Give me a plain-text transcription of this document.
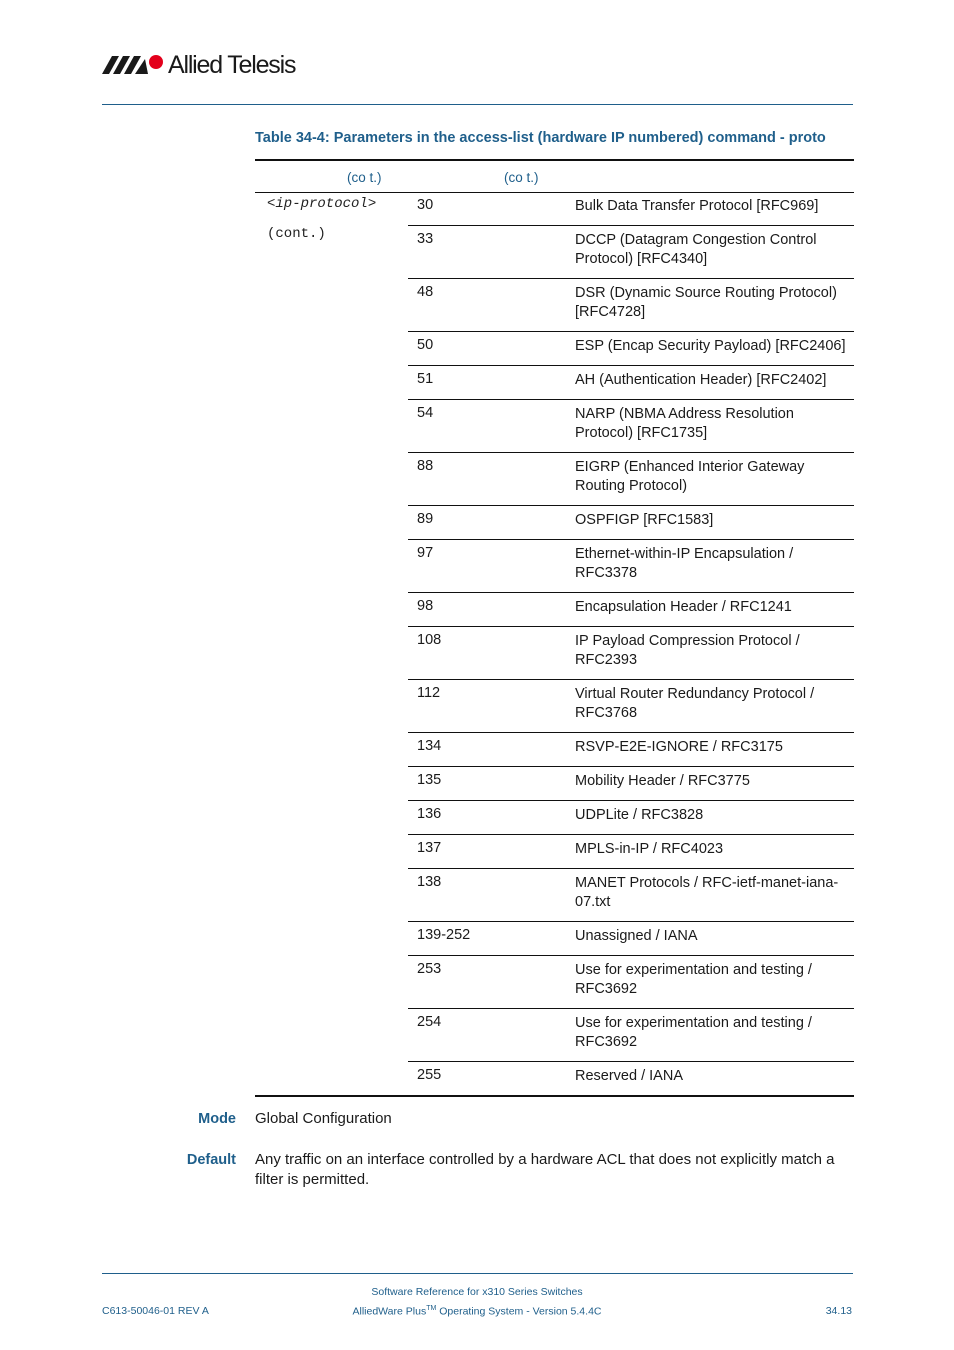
Allied Telesis
Table 34-4: Parameters in the access-list (hardware IP numbered) command - proto
(co t.)	(co t.)
<ip-protocol>
(cont.)
30	Bulk Data Transfer Protocol [RFC969]
33	DCCP (Datagram Congestion Control Protocol) [RFC4340]
48	DSR (Dynamic Source Routing Protocol) [RFC4728]
50	ESP (Encap Security Payload) [RFC2406]
51	AH (Authentication Header) [RFC2402]
54	NARP (NBMA Address Resolution Protocol) [RFC1735]
88	EIGRP (Enhanced Interior Gateway Routing Protocol)
89	OSPFIGP [RFC1583]
97	Ethernet-within-IP Encapsulation / RFC3378
98	Encapsulation Header / RFC1241
108	IP Payload Compression Protocol / RFC2393
112	Virtual Router Redundancy Protocol / RFC3768
134	RSVP-E2E-IGNORE / RFC3175
135	Mobility Header / RFC3775
136	UDPLite / RFC3828
137	MPLS-in-IP / RFC4023
138	MANET Protocols / RFC-ietf-manet-iana-07.txt
139-252	Unassigned / IANA
253	Use for experimentation and testing / RFC3692
254	Use for experimentation and testing / RFC3692
255	Reserved / IANA
Mode Global Configuration
Default Any traffic on an interface controlled by a hardware ACL that does not explicitly match a filter is permitted.
Software Reference for x310 Series Switches
AlliedWare Plus™ Operating System - Version 5.4.4C
C613-50046-01 REV A	34.13
